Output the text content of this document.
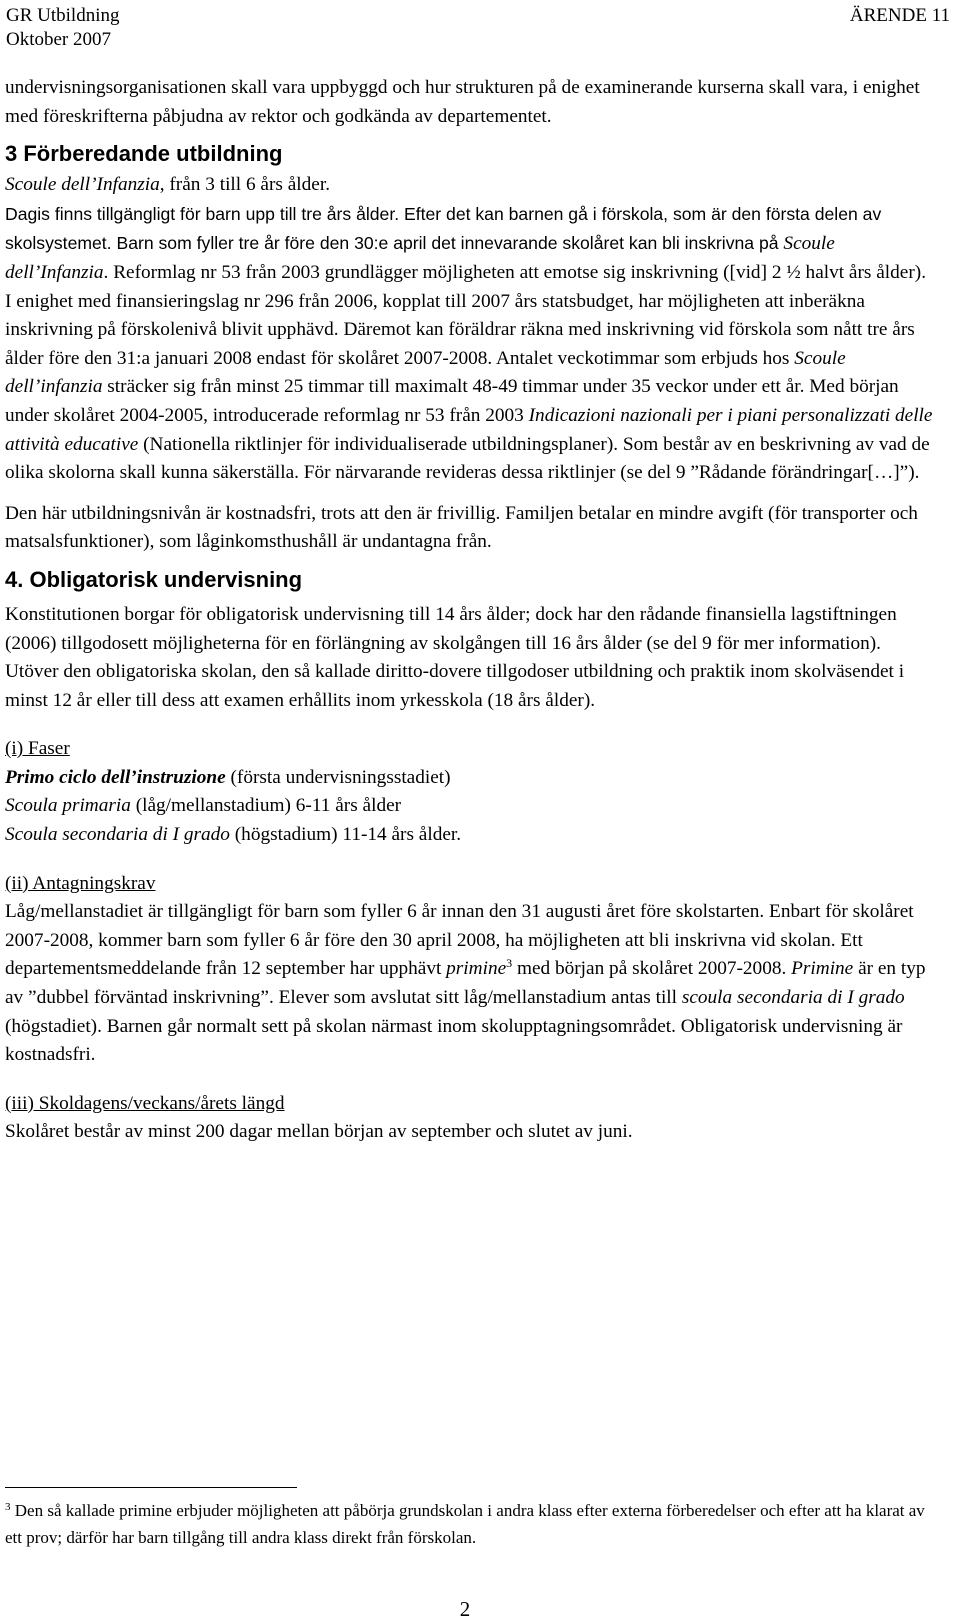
GR Utbildning
Oktober 2007
ÄRENDE 11

undervisningsorganisationen skall vara uppbyggd och hur strukturen på de examinerande kurserna skall vara, i enighet med föreskrifterna påbjudna av rektor och godkända av departementet.

3 Förberedande utbildning

Scoule dell’Infanzia, från 3 till 6 års ålder.

Dagis finns tillgängligt för barn upp till tre års ålder. Efter det kan barnen gå i förskola, som är den första delen av skolsystemet. Barn som fyller tre år före den 30:e april det innevarande skolåret kan bli inskrivna på Scoule dell’Infanzia. Reformlag nr 53 från 2003 grundlägger möjligheten att emotse sig inskrivning ([vid] 2 ½ halvt års ålder). I enighet med finansieringslag nr 296 från 2006, kopplat till 2007 års statsbudget, har möjligheten att inberäkna inskrivning på förskolenivå blivit upphävd. Däremot kan föräldrar räkna med inskrivning vid förskola som nått tre års ålder före den 31:a januari 2008 endast för skolåret 2007-2008. Antalet veckotimmar som erbjuds hos Scoule dell’infanzia sträcker sig från minst 25 timmar till maximalt 48-49 timmar under 35 veckor under ett år. Med början under skolåret 2004-2005, introducerade reformlag nr 53 från 2003 Indicazioni nazionali per i piani personalizzati delle attività educative (Nationella riktlinjer för individualiserade utbildningsplaner). Som består av en beskrivning av vad de olika skolorna skall kunna säkerställa. För närvarande revideras dessa riktlinjer (se del 9 ”Rådande förändringar[…]”).

Den här utbildningsnivån är kostnadsfri, trots att den är frivillig. Familjen betalar en mindre avgift (för transporter och matsalsfunktioner), som låginkomsthushåll är undantagna från.

4. Obligatorisk undervisning

Konstitutionen borgar för obligatorisk undervisning till 14 års ålder; dock har den rådande finansiella lagstiftningen (2006) tillgodosett möjligheterna för en förlängning av skolgången till 16 års ålder (se del 9 för mer information). Utöver den obligatoriska skolan, den så kallade diritto-dovere tillgodoser utbildning och praktik inom skolväsendet i minst 12 år eller till dess att examen erhållits inom yrkesskola (18 års ålder).

(i) Faser

Primo ciclo dell’instruzione (första undervisningsstadiet)

Scoula primaria (låg/mellanstadium) 6-11 års ålder

Scoula secondaria di I grado (högstadium) 11-14 års ålder.

(ii) Antagningskrav

Låg/mellanstadiet är tillgängligt för barn som fyller 6 år innan den 31 augusti året före skolstarten. Enbart för skolåret 2007-2008, kommer barn som fyller 6 år före den 30 april 2008, ha möjligheten att bli inskrivna vid skolan. Ett departementsmeddelande från 12 september har upphävt primine$^3$ med början på skolåret 2007-2008. Primine är en typ av ”dubbel förväntad inskrivning”. Elever som avslutat sitt låg/mellanstadium antas till scoula secondaria di I grado (högstadiet). Barnen går normalt sett på skolan närmast inom skolupptagningsområdet. Obligatorisk undervisning är kostnadsfri.

(iii) Skoldagens/veckans/årets längd

Skolåret består av minst 200 dagar mellan början av september och slutet av juni.

$^3$ Den så kallade primine erbjuder möjligheten att påbörja grundskolan i andra klass efter externa förberedelser och efter att ha klarat av ett prov; därför har barn tillgång till andra klass direkt från förskolan.
2
